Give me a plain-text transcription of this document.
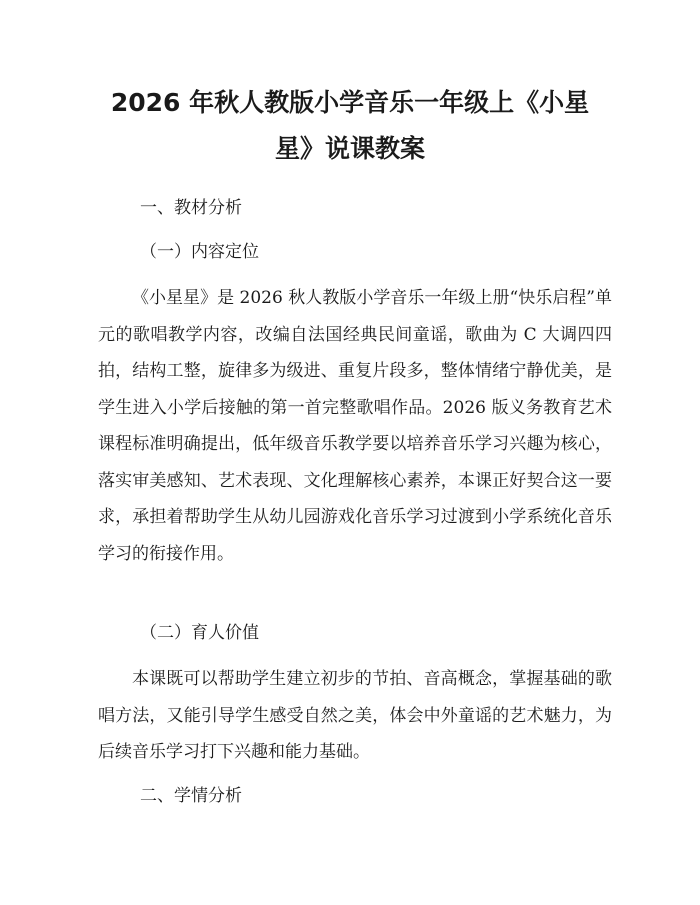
2026 年秋人教版小学音乐一年级上《小星
星》说课教案
一、教材分析
（一）内容定位

《小星星》是 2026 秋人教版小学音乐一年级上册“快乐启程”单元的歌唱教学内容，改编自法国经典民间童谣，歌曲为 C 大调四四拍，结构工整，旋律多为级进、重复片段多，整体情绪宁静优美，是学生进入小学后接触的第一首完整歌唱作品。2026 版义务教育艺术课程标准明确提出，低年级音乐教学要以培养音乐学习兴趣为核心，落实审美感知、艺术表现、文化理解核心素养，本课正好契合这一要求，承担着帮助学生从幼儿园游戏化音乐学习过渡到小学系统化音乐学习的衔接作用。

（二）育人价值

本课既可以帮助学生建立初步的节拍、音高概念，掌握基础的歌唱方法，又能引导学生感受自然之美，体会中外童谣的艺术魅力，为后续音乐学习打下兴趣和能力基础。

二、学情分析
